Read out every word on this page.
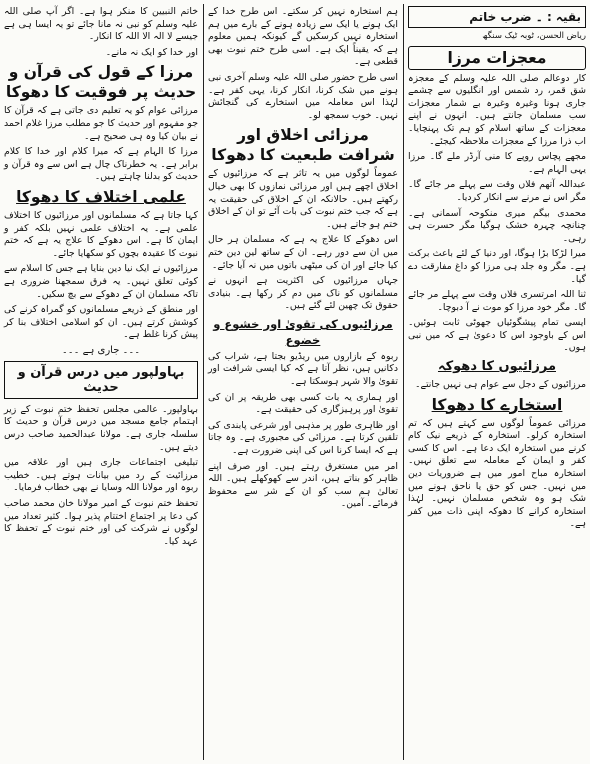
بقیہ : ۔ ضرب خاتم
ریاض الحسن، ٹوبہ ٹیک سنگھ
معجزات مرزا

کار دوعالم صلی اللہ علیہ وسلم کے معجزہ شق قمر، رد شمس اور انگلیوں سے چشمے جاری ہونا وغیرہ وغیرہ بے شمار معجزات سب مسلمان جانتے ہیں۔ انہوں نے اپنے معجزات کے ساتھ اسلام کو ہم تک پہنچایا۔ اب ذرا مرزا کے معجزات ملاحظہ کیجئے۔

مجھے پچاس روپے کا منی آرڈر ملے گا۔ مرزا یہی الہام ہے۔

عبداللہ آتھم فلاں وقت سے پہلے مر جائے گا۔ مگر اس نے مرنے سے انکار کردیا۔

محمدی بیگم میری منکوحہ آسمانی ہے۔ چنانچہ چہرہ خشک ہوگیا مگر حسرت ہی رہی۔

میرا لڑکا بڑا ہوگا، اور دنیا کے لئے باعث برکت ہے۔ مگر وہ جلد ہی مرزا کو داغ مفارقت دے گیا۔

ثنا اللہ امرتسری فلاں وقت سے پہلے مر جائے گا۔ مگر خود مرزا کو موت نے آ دبوچا۔

ایسی تمام پیشگوئیاں جھوٹی ثابت ہوئیں۔ اس کے باوجود اس کا دعویٰ ہے کہ میں نبی ہوں۔

مرزائیوں کا دھوکہ

مرزائیوں کے دجل سے عوام ہی نہیں جانتے۔

استخارے کا دھوکا

مرزائی عموماً لوگوں سے کہتے ہیں کہ تم استخارہ کرلو۔ استخارہ کے ذریعے نیک کام کرنے میں استخارہ ایک دعا ہے۔ اس کا کسی کفر و ایمان کے معاملہ سے تعلق نہیں۔ استخارہ مباح امور میں ہے ضروریات دین میں نہیں۔ جس کو حق یا ناحق ہونے میں شک ہو وہ شخص مسلمان نہیں۔ لہٰذا استخارہ کرانے کا دھوکہ اپنی ذات میں کفر ہے۔

ہم استخارہ نہیں کر سکتے۔ اس طرح خدا کے ایک ہونے یا ایک سے زیادہ ہونے کے بارے میں ہم استخارہ نہیں کرسکیں گے کیونکہ ہمیں معلوم ہے کہ یقیناً ایک ہے۔ اسی طرح ختم نبوت بھی قطعی ہے۔

اسی طرح حضور صلی اللہ علیہ وسلم آخری نبی ہونے میں شک کرنا، انکار کرنا، یہی کفر ہے۔ لہٰذا اس معاملہ میں استخارے کی گنجائش نہیں۔ خوب سمجھ لو۔

مرزائی اخلاق اور شرافت طبعیت کا دھوکا

عموماً لوگوں میں یہ تاثر ہے کہ مرزائیوں کے اخلاق اچھے ہیں اور مرزائی نمازوں کا بھی خیال رکھتے ہیں۔ حالانکہ ان کے اخلاق کی حقیقت یہ ہے کہ جب ختم نبوت کی بات آئے تو ان کے اخلاق ختم ہو جاتے ہیں۔

اس دھوکے کا علاج یہ ہے کہ مسلمان ہر حال میں ان سے دور رہے۔ ان کے ساتھ لین دین ختم کیا جائے اور ان کی میٹھی باتوں میں نہ آیا جائے۔

جہاں مرزائیوں کی اکثریت ہے انہوں نے مسلمانوں کو ناک میں دم کر رکھا ہے۔ بنیادی حقوق تک چھین لئے گئے ہیں۔

مرزائیوں کی تقویٰ اور خشوع و خضوع

ربوہ کے بازاروں میں ریڈیو بجتا ہے، شراب کی دکانیں ہیں، نظر آتا ہے کہ کیا ایسی شرافت اور تقویٰ والا شہر ہوسکتا ہے۔

اور ہماری یہ بات کسی بھی طریقہ پر ان کی تقویٰ اور پرہیزگاری کی حقیقت ہے۔

اور ظاہری طور پر مذہبی اور شرعی پابندی کی تلقین کرتا ہے۔ مرزائی کی مجبوری ہے۔ وہ جاتا ہے کہ ایسا کرنا اس کی اپنی ضرورت ہے۔

امر میں مستغرق رہتے ہیں۔ اور صرف اپنے ظاہر کو بناتے ہیں، اندر سے کھوکھلے ہیں۔ اللہ تعالیٰ ہم سب کو ان کے شر سے محفوظ فرمائے۔ آمین۔

خاتم النبیین کا منکر ہوا ہے۔ اگر آپ صلی اللہ علیہ وسلم کو نبی نہ مانا جائے تو یہ ایسا ہی ہے جیسے لا الہ الا اللہ کا انکار۔

اور خدا کو ایک نہ مانے۔

مرزا کے قول کی قرآن و حدیث پر فوقیت کا دھوکا

مرزائی عوام کو یہ تعلیم دی جاتی ہے کہ قرآن کا جو مفہوم اور حدیث کا جو مطلب مرزا غلام احمد نے بیان کیا وہ ہی صحیح ہے۔

مرزا کا الہام ہے کہ میرا کلام اور خدا کا کلام برابر ہے۔ یہ خطرناک چال ہے اس سے وہ قرآن و حدیث کو بدلنا چاہتے ہیں۔

علمی اختلاف کا دھوکا

کہا جاتا ہے کہ مسلمانوں اور مرزائیوں کا اختلاف علمی ہے۔ یہ اختلاف علمی نہیں بلکہ کفر و ایمان کا ہے۔ اس دھوکے کا علاج یہ ہے کہ ختم نبوت کا عقیدہ بچوں کو سکھایا جائے۔

مرزائیوں نے ایک نیا دین بنایا ہے جس کا اسلام سے کوئی تعلق نہیں۔ یہ فرق سمجھنا ضروری ہے تاکہ مسلمان ان کے دھوکے سے بچ سکیں۔

اور منطق کے ذریعے مسلمانوں کو گمراہ کرنے کی کوشش کرتے ہیں۔ ان کو اسلامی اختلاف بنا کر پیش کرنا غلط ہے۔

۔۔۔ جاری ہے ۔۔۔
بہاولپور میں درس قرآن و حدیث

بہاولپور۔ عالمی مجلس تحفظ ختم نبوت کے زیر اہتمام جامع مسجد میں درس قرآن و حدیث کا سلسلہ جاری ہے۔ مولانا عبدالحمید صاحب درس دیتے ہیں۔

تبلیغی اجتماعات جاری ہیں اور علاقہ میں مرزائیت کے رد میں بیانات ہوتے ہیں۔ خطیب ربوہ اور مولانا اللہ وسایا نے بھی خطاب فرمایا۔

تحفظ ختم نبوت کے امیر مولانا خان محمد صاحب کی دعا پر اجتماع اختتام پذیر ہوا۔ کثیر تعداد میں لوگوں نے شرکت کی اور ختم نبوت کے تحفظ کا عہد کیا۔
